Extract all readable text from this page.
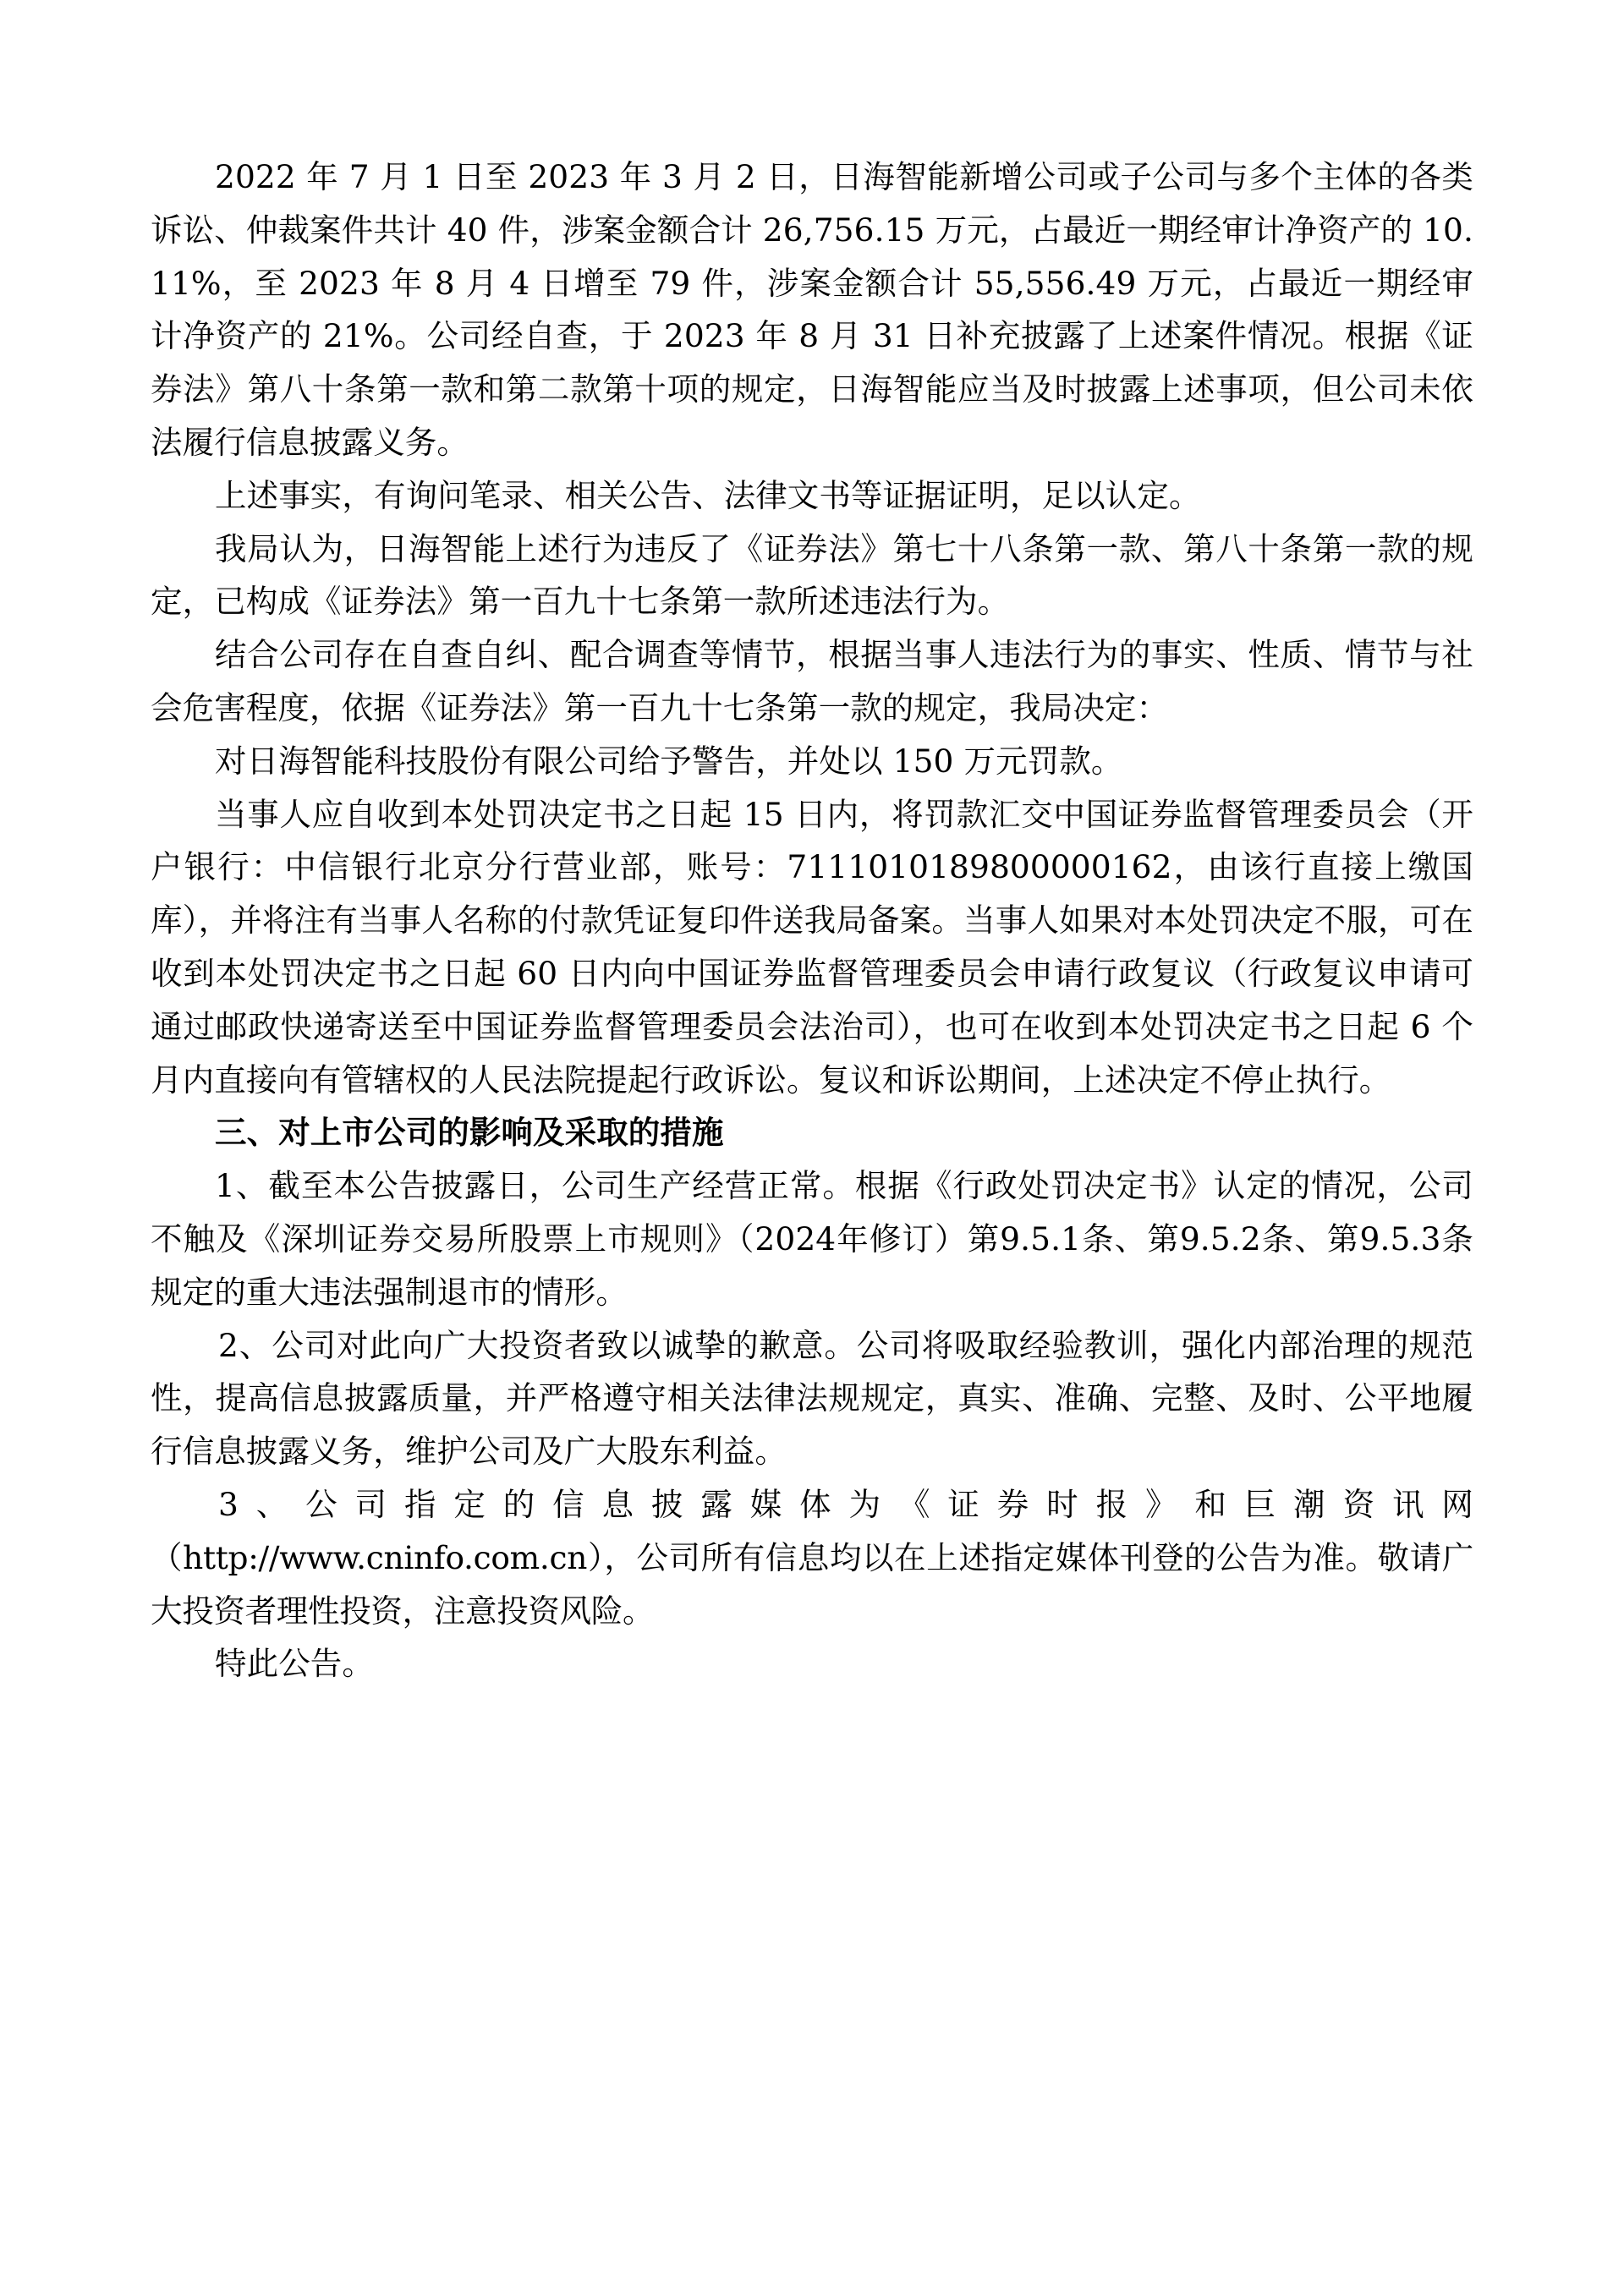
2022 年 7 月 1 日至 2023 年 3 月 2 日，日海智能新增公司或子公司与多个主体的各类诉讼、仲裁案件共计 40 件，涉案金额合计 26,756.15 万元，占最近一期经审计净资产的 10.11%，至 2023 年 8 月 4 日增至 79 件，涉案金额合计 55,556.49 万元，占最近一期经审计净资产的 21%。公司经自查，于 2023 年 8 月 31 日补充披露了上述案件情况。根据《证券法》第八十条第一款和第二款第十项的规定，日海智能应当及时披露上述事项，但公司未依法履行信息披露义务。

上述事实，有询问笔录、相关公告、法律文书等证据证明，足以认定。

我局认为，日海智能上述行为违反了《证券法》第七十八条第一款、第八十条第一款的规定，已构成《证券法》第一百九十七条第一款所述违法行为。

结合公司存在自查自纠、配合调查等情节，根据当事人违法行为的事实、性质、情节与社会危害程度，依据《证券法》第一百九十七条第一款的规定，我局决定：

对日海智能科技股份有限公司给予警告，并处以 150 万元罚款。

当事人应自收到本处罚决定书之日起 15 日内，将罚款汇交中国证券监督管理委员会（开户银行：中信银行北京分行营业部，账号：7111010189800000162，由该行直接上缴国库），并将注有当事人名称的付款凭证复印件送我局备案。当事人如果对本处罚决定不服，可在收到本处罚决定书之日起 60 日内向中国证券监督管理委员会申请行政复议（行政复议申请可通过邮政快递寄送至中国证券监督管理委员会法治司），也可在收到本处罚决定书之日起 6 个月内直接向有管辖权的人民法院提起行政诉讼。复议和诉讼期间，上述决定不停止执行。

三、对上市公司的影响及采取的措施

1、截至本公告披露日，公司生产经营正常。根据《行政处罚决定书》认定的情况，公司不触及《深圳证券交易所股票上市规则》（2024年修订）第9.5.1条、第9.5.2条、第9.5.3条规定的重大违法强制退市的情形。

2、公司对此向广大投资者致以诚挚的歉意。公司将吸取经验教训，强化内部治理的规范性，提高信息披露质量，并严格遵守相关法律法规规定，真实、准确、完整、及时、公平地履行信息披露义务，维护公司及广大股东利益。

3、公司指定的信息披露媒体为《证券时报》和巨潮资讯网

（http://www.cninfo.com.cn），公司所有信息均以在上述指定媒体刊登的公告为准。敬请广大投资者理性投资，注意投资风险。

特此公告。
